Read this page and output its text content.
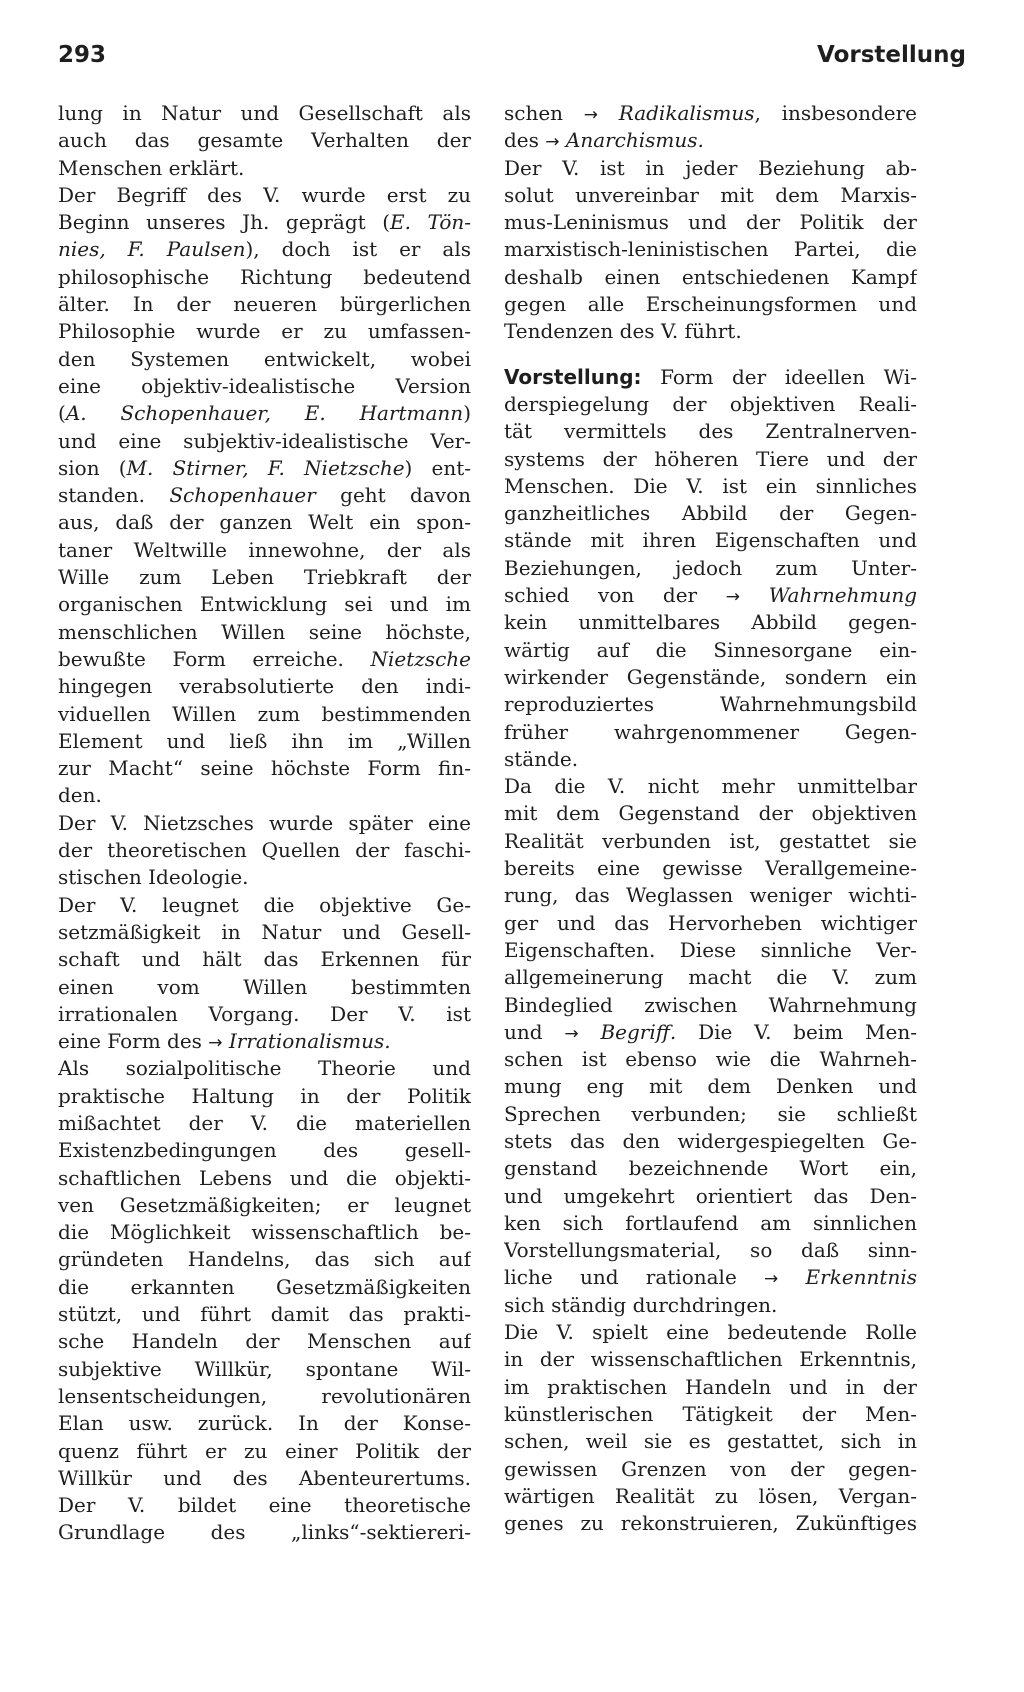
293	Vorstellung
lung in Natur und Gesellschaft als
auch das gesamte Verhalten der
Menschen erklärt.
Der Begriff des V. wurde erst zu
Beginn unseres Jh. geprägt (E. Tön-
nies, F. Paulsen), doch ist er als
philosophische Richtung bedeutend
älter. In der neueren bürgerlichen
Philosophie wurde er zu umfassen-
den Systemen entwickelt, wobei
eine objektiv-idealistische Version
(A. Schopenhauer, E. Hartmann)
und eine subjektiv-idealistische Ver-
sion (M. Stirner, F. Nietzsche) ent-
standen. Schopenhauer geht davon
aus, daß der ganzen Welt ein spon-
taner Weltwille innewohne, der als
Wille zum Leben Triebkraft der
organischen Entwicklung sei und im
menschlichen Willen seine höchste,
bewußte Form erreiche. Nietzsche
hingegen verabsolutierte den indi-
viduellen Willen zum bestimmenden
Element und ließ ihn im „Willen
zur Macht“ seine höchste Form fin-
den.
Der V. Nietzsches wurde später eine
der theoretischen Quellen der faschi-
stischen Ideologie.
Der V. leugnet die objektive Ge-
setzmäßigkeit in Natur und Gesell-
schaft und hält das Erkennen für
einen vom Willen bestimmten
irrationalen Vorgang. Der V. ist
eine Form des → Irrationalismus.
Als sozialpolitische Theorie und
praktische Haltung in der Politik
mißachtet der V. die materiellen
Existenzbedingungen des gesell-
schaftlichen Lebens und die objekti-
ven Gesetzmäßigkeiten; er leugnet
die Möglichkeit wissenschaftlich be-
gründeten Handelns, das sich auf
die erkannten Gesetzmäßigkeiten
stützt, und führt damit das prakti-
sche Handeln der Menschen auf
subjektive Willkür, spontane Wil-
lensentscheidungen, revolutionären
Elan usw. zurück. In der Konse-
quenz führt er zu einer Politik der
Willkür und des Abenteurertums.
Der V. bildet eine theoretische
Grundlage des „links“-sektiereri-
schen → Radikalismus, insbesondere
des → Anarchismus.
Der V. ist in jeder Beziehung ab-
solut unvereinbar mit dem Marxis-
mus-Leninismus und der Politik der
marxistisch-leninistischen Partei, die
deshalb einen entschiedenen Kampf
gegen alle Erscheinungsformen und
Tendenzen des V. führt.
Vorstellung: Form der ideellen Wi-
derspiegelung der objektiven Reali-
tät vermittels des Zentralnerven-
systems der höheren Tiere und der
Menschen. Die V. ist ein sinnliches
ganzheitliches Abbild der Gegen-
stände mit ihren Eigenschaften und
Beziehungen, jedoch zum Unter-
schied von der → Wahrnehmung
kein unmittelbares Abbild gegen-
wärtig auf die Sinnesorgane ein-
wirkender Gegenstände, sondern ein
reproduziertes Wahrnehmungsbild
früher wahrgenommener Gegen-
stände.
Da die V. nicht mehr unmittelbar
mit dem Gegenstand der objektiven
Realität verbunden ist, gestattet sie
bereits eine gewisse Verallgemeine-
rung, das Weglassen weniger wichti-
ger und das Hervorheben wichtiger
Eigenschaften. Diese sinnliche Ver-
allgemeinerung macht die V. zum
Bindeglied zwischen Wahrnehmung
und → Begriff. Die V. beim Men-
schen ist ebenso wie die Wahrneh-
mung eng mit dem Denken und
Sprechen verbunden; sie schließt
stets das den widergespiegelten Ge-
genstand bezeichnende Wort ein,
und umgekehrt orientiert das Den-
ken sich fortlaufend am sinnlichen
Vorstellungsmaterial, so daß sinn-
liche und rationale → Erkenntnis
sich ständig durchdringen.
Die V. spielt eine bedeutende Rolle
in der wissenschaftlichen Erkenntnis,
im praktischen Handeln und in der
künstlerischen Tätigkeit der Men-
schen, weil sie es gestattet, sich in
gewissen Grenzen von der gegen-
wärtigen Realität zu lösen, Vergan-
genes zu rekonstruieren, Zukünftiges
